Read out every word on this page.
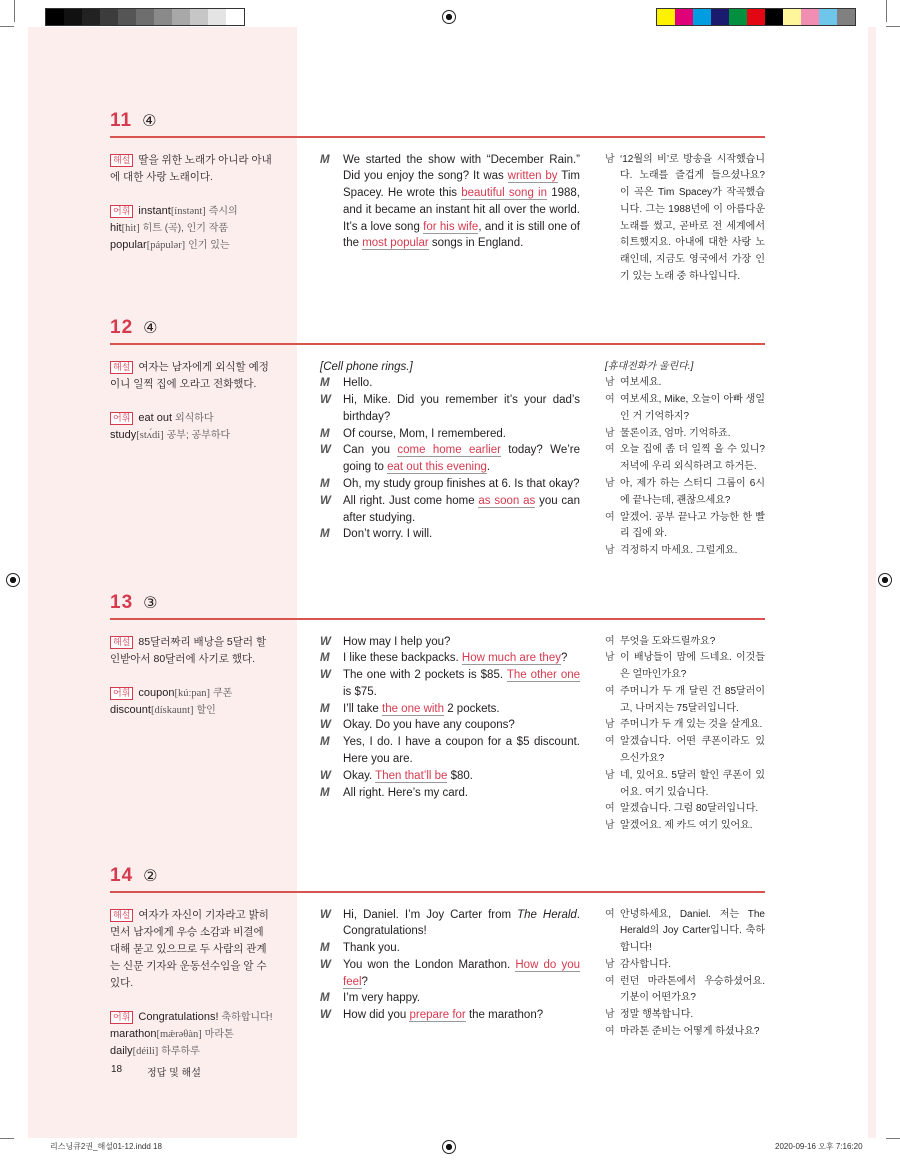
11 ④
해설 딸을 위한 노래가 아니라 아내에 대한 사랑 노래이다.
어휘 instant[ínstənt] 즉시의
hit[hit] 히트 (곡), 인기 작품
popular[pápulər] 인기 있는
M	We started the show with “December Rain.” Did you enjoy the song? It was written by Tim Spacey. He wrote this beautiful song in 1988, and it became an instant hit all over the world. It’s a love song for his wife, and it is still one of the most popular songs in England.
남 ‘12월의 비’로 방송을 시작했습니다. 노래를 즐겁게 들으셨나요? 이 곡은 Tim Spacey가 작곡했습니다. 그는 1988년에 이 아름다운 노래를 썼고, 곧바로 전 세계에서 히트했지요. 아내에 대한 사랑 노래인데, 지금도 영국에서 가장 인기 있는 노래 중 하나입니다.
12 ④
해설 여자는 남자에게 외식할 예정이니 일찍 집에 오라고 전화했다.
어휘 eat out 외식하다
study[stʌ́di] 공부; 공부하다
[Cell phone rings.]
M	Hello.
W	Hi, Mike. Did you remember it’s your dad’s birthday?
M	Of course, Mom, I remembered.
W	Can you come home earlier today? We’re going to eat out this evening.
M	Oh, my study group finishes at 6. Is that okay?
W	All right. Just come home as soon as you can after studying.
M	Don’t worry. I will.
[휴대전화가 울린다.]
남 여보세요.
여 여보세요, Mike, 오늘이 아빠 생일인 거 기억하지?
남 물론이죠, 엄마. 기억하죠.
여 오늘 집에 좀 더 일찍 올 수 있니? 저녁에 우리 외식하려고 하거든.
남 아, 제가 하는 스터디 그룹이 6시에 끝나는데, 괜찮으세요?
여 알겠어. 공부 끝나고 가능한 한 빨리 집에 와.
남 걱정하지 마세요. 그럴게요.
13 ③
해설 85달러짜리 배낭을 5달러 할인받아서 80달러에 사기로 했다.
어휘 coupon[kúːpan] 쿠폰
discount[dískaunt] 할인
W	How may I help you?
M	I like these backpacks. How much are they?
W	The one with 2 pockets is $85. The other one is $75.
M	I’ll take the one with 2 pockets.
W	Okay. Do you have any coupons?
M	Yes, I do. I have a coupon for a $5 discount. Here you are.
W	Okay. Then that’ll be $80.
M	All right. Here’s my card.
여 무엇을 도와드릴까요?
남 이 배낭들이 맘에 드네요. 이것들은 얼마인가요?
여 주머니가 두 개 달린 건 85달러이고, 나머지는 75달러입니다.
남 주머니가 두 개 있는 것을 살게요.
여 알겠습니다. 어떤 쿠폰이라도 있으신가요?
남 네, 있어요. 5달러 할인 쿠폰이 있어요. 여기 있습니다.
여 알겠습니다. 그럼 80달러입니다.
남 알겠어요. 제 카드 여기 있어요.
14 ②
해설 여자가 자신이 기자라고 밝히면서 남자에게 우승 소감과 비결에 대해 묻고 있으므로 두 사람의 관계는 신문 기자와 운동선수임을 알 수 있다.
어휘 Congratulations! 축하합니다!
marathon[mǽrəθàn] 마라톤
daily[déili] 하루하루
W	Hi, Daniel. I’m Joy Carter from The Herald. Congratulations!
M	Thank you.
W	You won the London Marathon. How do you feel?
M	I’m very happy.
W	How did you prepare for the marathon?
여 안녕하세요, Daniel. 저는 The Herald의 Joy Carter입니다. 축하합니다!
남 감사합니다.
여 런던 마라톤에서 우승하셨어요. 기분이 어떤가요?
남 정말 행복합니다.
여 마라톤 준비는 어떻게 하셨나요?
18 정답 및 해설
리스닝큐2권_해설01-12.indd 18	2020-09-16 오후 7:16:20
